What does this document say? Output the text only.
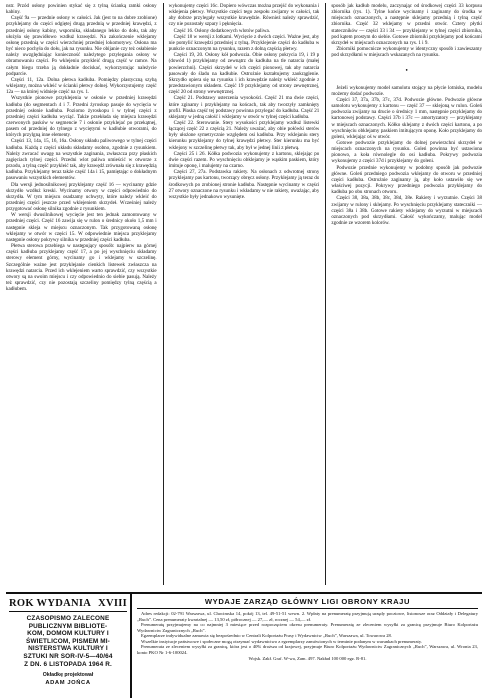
nstr. Przód osłony powinien stykać się z tylną ścianką ramki osłony kabiny.

Część 9a — przednie osłony w całości. Jak (jest to na dobre zrobione) przyklejamy do części odgiętej drugą przednią w przedniej krawędzi, z przedniej osłony kabiny, wspornika, składanego lekko do dołu, tak aby ułożyła się prawidłowo wzdłuż krawędzi. Na zakończenie wklejamy osłonę przednią w części wierzchniej przedniej lokomotywy. Osłona ma być nieco pochyła do dołu, jak na rysunku. Nie obijanie czy też osłabienie należy uwzględniając konieczność należytego przylegania osłony w obramowaniu części. Po wklejeniu przykleić drugą część w ramce. Na całym biegu trzeba ją dokładnie dociskać, wykorzystując należycie podparcie.

Części 11, 12a. Dolna płetwa kadłuba. Pomiędzy plastyczną szybą wklejamy, można wkleić w ścianki płetwy dolnej. Wykorzystujemy część 12a — na której widnieje część na rys. 1.

Wszystkie pionowe przyklejenia w osłonie w przedniej krawędzi kadłuba (do segmentach 4 i 7. Przedni żyroskop pasuje do wycięcia w przedniej osłonie kadłuba. Poziomo żyroskopu i w tylnej części z przedniej części kadłuba wyciąć. Także przekłada się miejsca krawędzi czerwonych pasków w segmencie 7 i osłonie przyklejać po przekątnej, pasem od przedniej do tylnego z wyciętymi w kadłubie otworami, do których przylgną inne elementy.

Części 13, 14a, 15, 16, 16a. Osłony układu paliwowego w tylnej części kadłuba. Każdą z części układu składamy osobno, zgodnie z rysunkiem. Należy zwracać uwagę na wszystkie zaginania, zwłaszcza przy płaskich zagięciach tylnej części. Przedni wlot paliwa umieścić w otworze z przodu, a tylną część przykleić tak, aby krawędź zrównała się z krawędzią kadłuba. Przyklejamy teraz także część 14a i 15, pamiętając o dokładnym pasowaniu wszystkich elementów.

Dla wersji jednosilnikowej przyklejamy część 16 — wycinamy gdzie skrzydło wzdłuż kreski. Wycinamy otwory w części odpowiednio do skrzydła. W tym miejscu osadzamy uchwyty, które należy wkleić do przedniej części jeszcze przed wklejeniem skrzydeł. Wcześniej należy przygotować osłonę silnika zgodnie z rysunkiem.

W wersji dwusilnikowej wycięcie jest ten jednak zamontowany w przedniej części. Część 16 zawija się w rulon o średnicy około 1,5 mm i następnie skleja w miejscu oznaczonym. Tak przygotowaną osłonę wklejamy w otwór w części 15. W odpowiednie miejsca przyklejamy następnie osłony pokrywy silnika w przedniej części kadłuba.

Płetwa sterowa przebiega w następujący sposób: najpierw na górnej części kadłuba przyklejamy część 17, a po jej wyschnięciu składamy sterowy element górny, wycinamy go i wklejamy w szczelinę. Szczególnie ważne jest przyklejanie cienkich listewek zwłaszcza na krawędzi natarcia. Przed ich wklejeniem warto sprawdzić, czy wszystkie otwory są na swoim miejscu i czy odpowiednio do siebie pasują. Należy też sprawdzić, czy nie pozostają szczeliny pomiędzy tylną częścią a kadłubem.

wykonujemy części 16c. Dopiero wówczas można przejść do wykonania i wklejenia płetwy. Wszystkie części tego zespołu zwijamy w całości, tak aby dobrze przylegały wszystkie krawędzie. Również należy sprawdzić, czy nie pozostały szpary i pęknięcia.

Część 16. Osłony dodatkowych wlotów paliwa.

Część 18 w wersji z lotkami. Wycięcie z dwóch części. Ważne jest, aby nie pomylić krawędzi przedniej z tylną. Przyklejenie części do kadłuba w punkcie oznaczonym na rysunku, razem z dolną częścią płetwy.

Części 19, 20. Osłony kół podwozia. Obie osłony pokrycia 19, i 19 p (dowód 1) przyklejamy od zewnątrz do kadłuba na tle natarcia (małej powierzchni). Części skrzydeł w ich części pionowej, tak aby natarcia pasowały do śladu na kadłubie. Ostrożnie kształtujemy zaokrąglenie. Skrzydło opiera się na rysunku i ich krawędzie należy wkleić zgodnie z przedstawionym układem. Część 19 przyklejamy od strony zewnętrznej, część 20 od strony wewnętrznej.

Część 21. Podstawy usterzenia wysokości. Część 21 ma dwie części, które zginamy i przyklejamy na końcach, tak aby tworzyły zamknięty profil. Płaska część tej podstawy powinna przylegać do kadłuba. Część 21 sklejamy w jedną całość i wklejamy w otwór w tylnej części kadłuba.

Część 22. Sterowanie. Stery wysokości przyklejamy wzdłuż listewki łączącej część 22 z częścią 21. Należy uważać, aby obie połówki sterów były ułożone symetrycznie względem osi kadłuba. Przy wklejaniu stery kierunku przyklejamy do tylnej krawędzi płetwy. Ster kierunku ma być wklejony w szczelinę płetwy tak, aby był w jednej linii z płetwą.

Części 25 i 26. Kółka podwozia wykonujemy z kartonu, sklejając po dwie części razem. Po wyschnięciu obklejamy je wąskim paskiem, który imituje oponę, i malujemy na czarno.

Części 27, 27a. Podstawka rakiety. Na osłonach z odwrotnej strony przyklejamy pas kartonu, tworzący obręcz osłony. Przyklejamy ją teraz do środkowych po zrobionej stronie kadłuba. Następnie wycinamy w części 27 otwory oznaczone na rysunku i wkładamy w nie rakiety, uważając, aby wszystkie były jednakowo wysunięte.

sposób jak kadłub modelu, zaczynając od środkowej części 33 korpusu zbiornika (rys. 1). Tylne końce wycinamy i zaginamy do środka w miejscach oznaczonych, a następnie sklejamy przednią i tylną część zbiornika. Część 32 wklejamy w przedni otwór. Cztery płytki stateczników — części 33 i 34 — przyklejamy w tylnej części zbiornika, pod kątem prostym do siebie. Gotowe zbiorniki przyklejamy pod końcami skrzydeł w miejscach oznaczonych na rys. 1 i 9.

Zbiorniki pomocnicze wykonujemy w identyczny sposób i zawieszamy pod skrzydłami w miejscach wskazanych na rysunku.

•

Jeżeli wykonujemy model samolotu stojący na płycie lotniska, modelu możemy dodać podwozie.

Części 37, 37a, 37b, 37c, 37d. Podwozie główne. Podwozie główne samolotu wykonujemy z kartonu — część 37 — sklejoną w rulon. Goleń podwozia zwijamy na drucie o średnicy 1 mm, następnie przyklejamy do kartonowej podstawy. Części 37b i 37c — amortyzatory — przyklejamy w miejscach oznaczonych. Kółko sklejamy z dwóch części kartonu, a po wyschnięciu obklejamy paskiem imitującym oponę. Koło przyklejamy do goleni, wklejając oś w otwór.

Gotowe podwozie przyklejamy do dolnej powierzchni skrzydeł w miejscach oznaczonych na rysunku. Goleń powinna być ustawiona pionowo, a koła równolegle do osi kadłuba. Pokrywy podwozia wykonujemy z części 37d i przyklejamy do goleni.

Podwozie przednie wykonujemy w podobny sposób jak podwozie główne. Goleń przedniego podwozia wklejamy do otworu w przedniej części kadłuba. Ostrożnie zaginamy ją, aby koło ustawiło się we właściwej pozycji. Pokrywy przedniego podwozia przyklejamy do kadłuba po obu stronach otworu.

Części 38, 38a, 38b, 38c, 38d, 38e. Rakiety i wyrzutnie. Części 38 zwijamy w rulony i sklejamy. Po wyschnięciu przyklejamy stateczniki — części 38a i 38b. Gotowe rakiety wklejamy do wyrzutni w miejscach oznaczonych pod skrzydłami. Całość wykończamy, malując model zgodnie ze wzorem kolorów.

ROK WYDANIA XVIII
CZASOPISMO ZALECONE
PUBLICZNYM BIBLIOTE-
KOM, DOMOM KULTURY I
ŚWIETLICOM, PISMEM MI-
NISTERSTWA KULTURY I
SZTUKI NR SOR-IV-5—40/64
Z DN. 6 LISTOPADA 1964 R.
Okładkę projektował
ADAM JOŃCA
WYDAJE ZARZĄD GŁÓWNY LIGI OBRONY KRAJU

Adres redakcji: 02-791 Warszawa, ul. Chocimska 14, pokój 13, tel. 49-51-51 wewn. 2. Wpłaty na prenumeratę przyjmują urzędy pocztowe, listonosze oraz Oddziały i Delegatury „Ruch”. Cena prenumeraty kwartalnej — 13,50 zł, półrocznej — 27,— zł, rocznej — 54,— zł.

Prenumeratę przyjmujemy na co najmniej 3 miesiące przed rozpoczęciem okresu prenumeraty. Prenumeratę ze zleceniem wysyłki za granicę przyjmuje Biuro Kolportażu Wydawnictw Zagranicznych „Ruch”.

Egzemplarze indywidualne zamawia się bezpośrednio w Centrali Kolportażu Prasy i Wydawnictw „Ruch”, Warszawa, ul. Towarowa 28.

Wszelkie instytucje państwowe i społeczne mogą otrzymać wydawnictwo z egzemplarzy zamówionych w terminie podanym w warunkach prenumeraty.

Prenumerata ze zleceniem wysyłki za granicę, która jest o 40% droższa od krajowej, przyjmuje Biuro Kolportażu Wydawnictw Zagranicznych „Ruch”, Warszawa, ul. Wronia 23, konto PKO Nr 1-6-100024.

Wojsk. Zakł. Graf. W-wa, Zam. 497. Nakład 100 000 egz. R-81.
